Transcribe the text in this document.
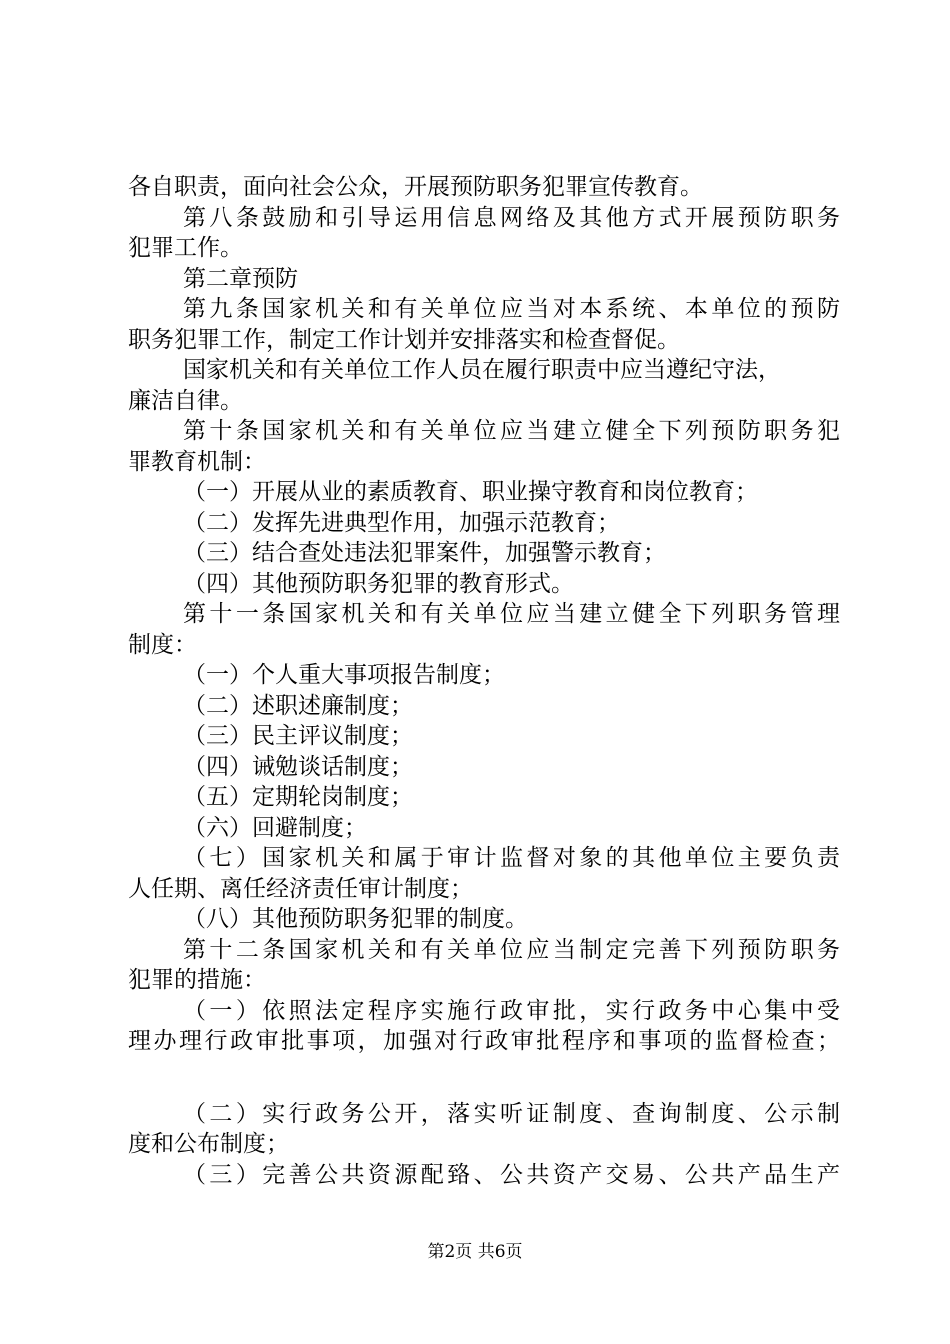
各自职责，面向社会公众，开展预防职务犯罪宣传教育。
第八条鼓励和引导运用信息网络及其他方式开展预防职务
犯罪工作。
第二章预防
第九条国家机关和有关单位应当对本系统、本单位的预防
职务犯罪工作，制定工作计划并安排落实和检查督促。
国家机关和有关单位工作人员在履行职责中应当遵纪守法，
廉洁自律。
第十条国家机关和有关单位应当建立健全下列预防职务犯
罪教育机制：
（一）开展从业的素质教育、职业操守教育和岗位教育；
（二）发挥先进典型作用，加强示范教育；
（三）结合查处违法犯罪案件，加强警示教育；
（四）其他预防职务犯罪的教育形式。
第十一条国家机关和有关单位应当建立健全下列职务管理
制度：
（一）个人重大事项报告制度；
（二）述职述廉制度；
（三）民主评议制度；
（四）诫勉谈话制度；
（五）定期轮岗制度；
（六）回避制度；
（七）国家机关和属于审计监督对象的其他单位主要负责
人任期、离任经济责任审计制度；
（八）其他预防职务犯罪的制度。
第十二条国家机关和有关单位应当制定完善下列预防职务
犯罪的措施：
（一）依照法定程序实施行政审批，实行政务中心集中受
理办理行政审批事项，加强对行政审批程序和事项的监督检查；
（二）实行政务公开，落实听证制度、查询制度、公示制
度和公布制度；
（三）完善公共资源配臵、公共资产交易、公共产品生产
第2页 共6页
